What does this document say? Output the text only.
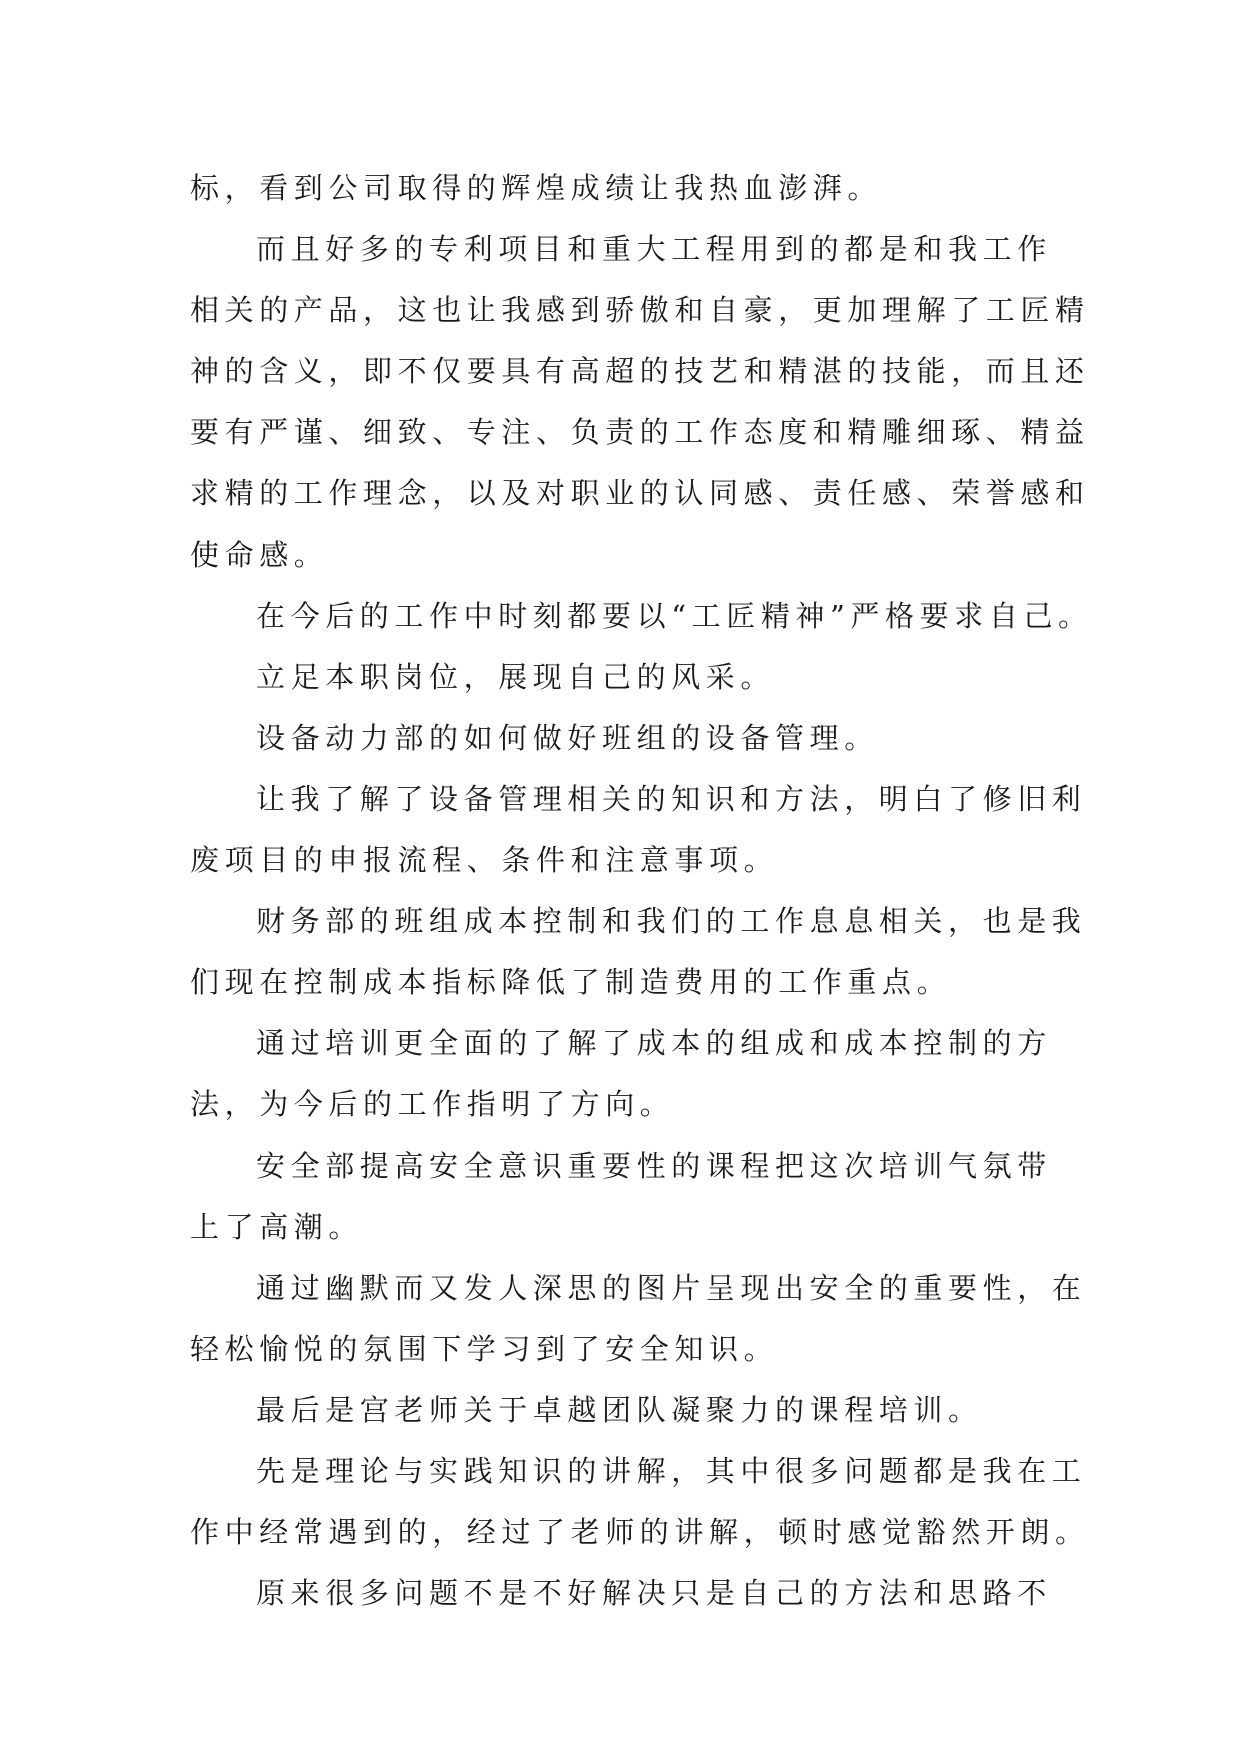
标，看到公司取得的辉煌成绩让我热血澎湃。
而且好多的专利项目和重大工程用到的都是和我工作
相关的产品，这也让我感到骄傲和自豪，更加理解了工匠精
神的含义，即不仅要具有高超的技艺和精湛的技能，而且还
要有严谨、细致、专注、负责的工作态度和精雕细琢、精益
求精的工作理念，以及对职业的认同感、责任感、荣誉感和
使命感。
在今后的工作中时刻都要以“工匠精神”严格要求自己。
立足本职岗位，展现自己的风采。
设备动力部的如何做好班组的设备管理。
让我了解了设备管理相关的知识和方法，明白了修旧利
废项目的申报流程、条件和注意事项。
财务部的班组成本控制和我们的工作息息相关，也是我
们现在控制成本指标降低了制造费用的工作重点。
通过培训更全面的了解了成本的组成和成本控制的方
法，为今后的工作指明了方向。
安全部提高安全意识重要性的课程把这次培训气氛带
上了高潮。
通过幽默而又发人深思的图片呈现出安全的重要性，在
轻松愉悦的氛围下学习到了安全知识。
最后是宫老师关于卓越团队凝聚力的课程培训。
先是理论与实践知识的讲解，其中很多问题都是我在工
作中经常遇到的，经过了老师的讲解，顿时感觉豁然开朗。
原来很多问题不是不好解决只是自己的方法和思路不
